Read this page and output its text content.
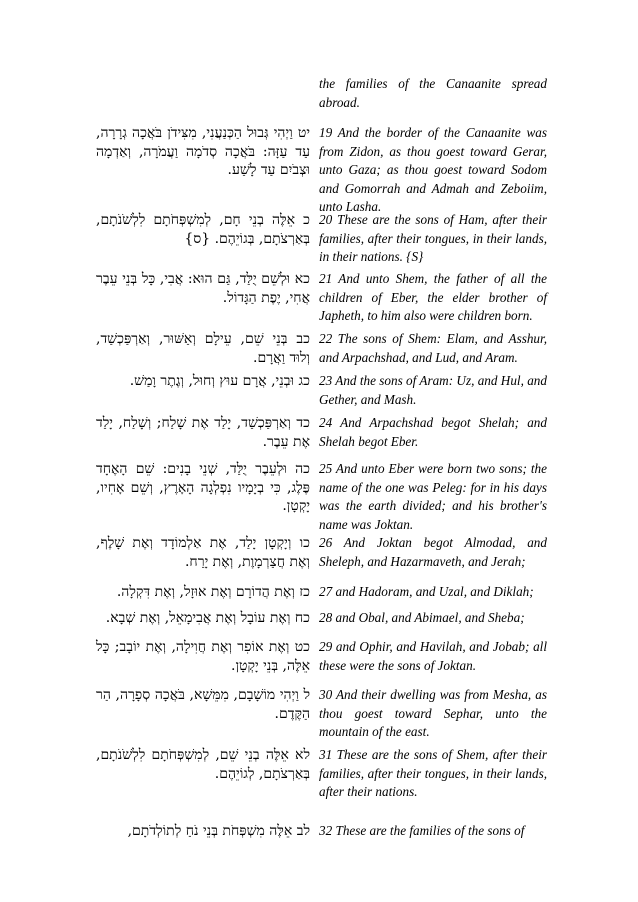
the families of the Canaanite spread abroad.
יט וַיְהִי גְּבוּל הַכְּנַעֲנִי, מִצִּידֹן בֹּאֲכָה גְרָרָה, עַד עַזָּה: בֹּאֲכָה סְדֹמָה וַעֲמֹרָה, וְאַדְמָה וּצְבֹיִם עַד לָשַׁע.
19 And the border of the Canaanite was from Zidon, as thou goest toward Gerar, unto Gaza; as thou goest toward Sodom and Gomorrah and Admah and Zeboiim, unto Lasha.
כ אֵלֶּה בְנֵי חָם, לְמִשְׁפְּחֹתָם לִלְשֹׁנֹתָם, בְּאַרְצֹתָם, בְּגוֹיֵהֶם. {ס}
20 These are the sons of Ham, after their families, after their tongues, in their lands, in their nations. {S}
כא וּלְשֵׁם יֻלַּד, גַּם הוּא: אֲבִי, כָּל בְּנֵי עֵבֶר אֲחִי, יֶפֶת הַגָּדוֹל.
21 And unto Shem, the father of all the children of Eber, the elder brother of Japheth, to him also were children born.
כב בְּנֵי שֵׁם, עֵילָם וְאַשּׁוּר, וְאַרְפַּכְשַׁד, וְלוּד וַאֲרָם.
22 The sons of Shem: Elam, and Asshur, and Arpachshad, and Lud, and Aram.
כג וּבְנֵי, אֲרָם עוּץ וְחוּל, וְגֶתֶר וָמַשׁ. 23 And the sons of Aram: Uz, and Hul, and Gether, and Mash.
כד וְאַרְפַּכְשַׁד, יָלַד אֶת שָׁלַח; וְשָׁלַח, יָלַד אֶת עֵבֶר.
24 And Arpachshad begot Shelah; and Shelah begot Eber.
כה וּלְעֵבֶר יֻלַּד, שְׁנֵי בָנִים: שֵׁם הָאֶחָד פֶּלֶג, כִּי בְיָמָיו נִפְלְגָה הָאָרֶץ, וְשֵׁם אָחִיו, יָקְטָן.
25 And unto Eber were born two sons; the name of the one was Peleg: for in his days was the earth divided; and his brother's name was Joktan.
כו וְיָקְטָן יָלַד, אֶת אַלְמוֹדָד וְאֶת שָׁלֶף, וְאֶת חֲצַרְמָוֶת, וְאֶת יָרַח.
26 And Joktan begot Almodad, and Sheleph, and Hazarmaveth, and Jerah;
כז וְאֶת הֲדוֹרָם וְאֶת אוּזָל, וְאֶת דִּקְלָה. 27 and Hadoram, and Uzal, and Diklah;
כח וְאֶת עוֹבָל וְאֶת אֲבִימָאֵל, וְאֶת שְׁבָא. 28 and Obal, and Abimael, and Sheba;
כט וְאֶת אוֹפִר וְאֶת חֲוִילָה, וְאֶת יוֹבָב; כָּל אֵלֶּה, בְּנֵי יָקְטָן.
29 and Ophir, and Havilah, and Jobab; all these were the sons of Joktan.
ל וַיְהִי מוֹשָׁבָם, מִמֵּשָׁא, בֹּאֲכָה סְפָרָה, הַר הַקֶּדֶם.
30 And their dwelling was from Mesha, as thou goest toward Sephar, unto the mountain of the east.
לא אֵלֶּה בְנֵי שֵׁם, לְמִשְׁפְּחֹתָם לִלְשֹׁנֹתָם, בְּאַרְצֹתָם, לְגוֹיֵהֶם.
31 These are the sons of Shem, after their families, after their tongues, in their lands, after their nations.
לב אֵלֶּה מִשְׁפְּחֹת בְּנֵי נֹחַ לְתוֹלְדֹתָם, 32 These are the families of the sons of
